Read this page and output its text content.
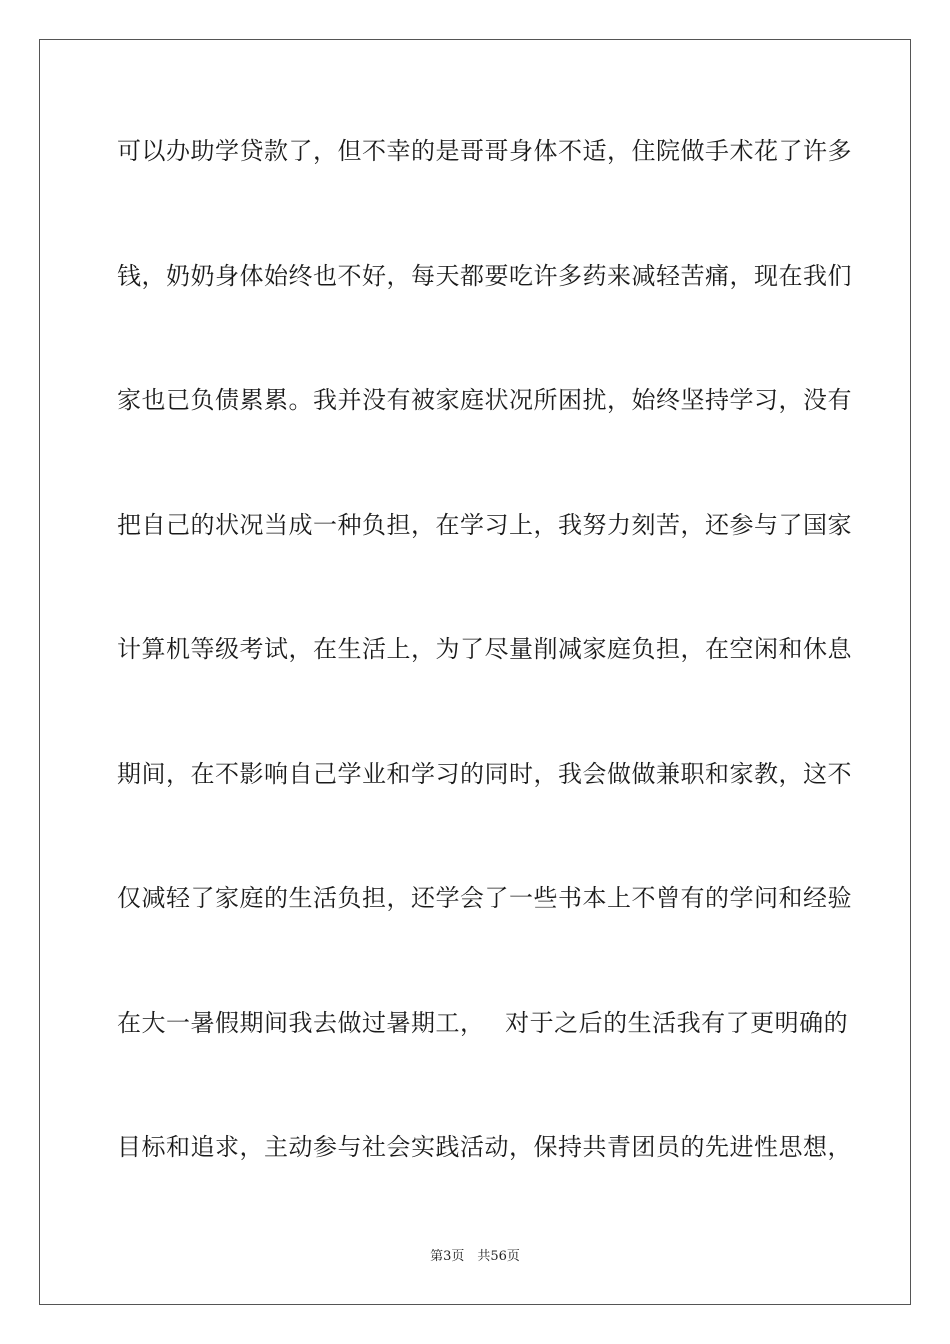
可以办助学贷款了，但不幸的是哥哥身体不适，住院做手术花了许多
钱，奶奶身体始终也不好，每天都要吃许多药来减轻苦痛，现在我们
家也已负债累累。我并没有被家庭状况所困扰，始终坚持学习，没有
把自己的状况当成一种负担，在学习上，我努力刻苦，还参与了国家
计算机等级考试，在生活上，为了尽量削减家庭负担，在空闲和休息
期间，在不影响自己学业和学习的同时，我会做做兼职和家教，这不
仅减轻了家庭的生活负担，还学会了一些书本上不曾有的学问和经验
在大一暑假期间我去做过暑期工，　 对于之后的生活我有了更明确的
目标和追求，主动参与社会实践活动，保持共青团员的先进性思想，
第3页　共56页
